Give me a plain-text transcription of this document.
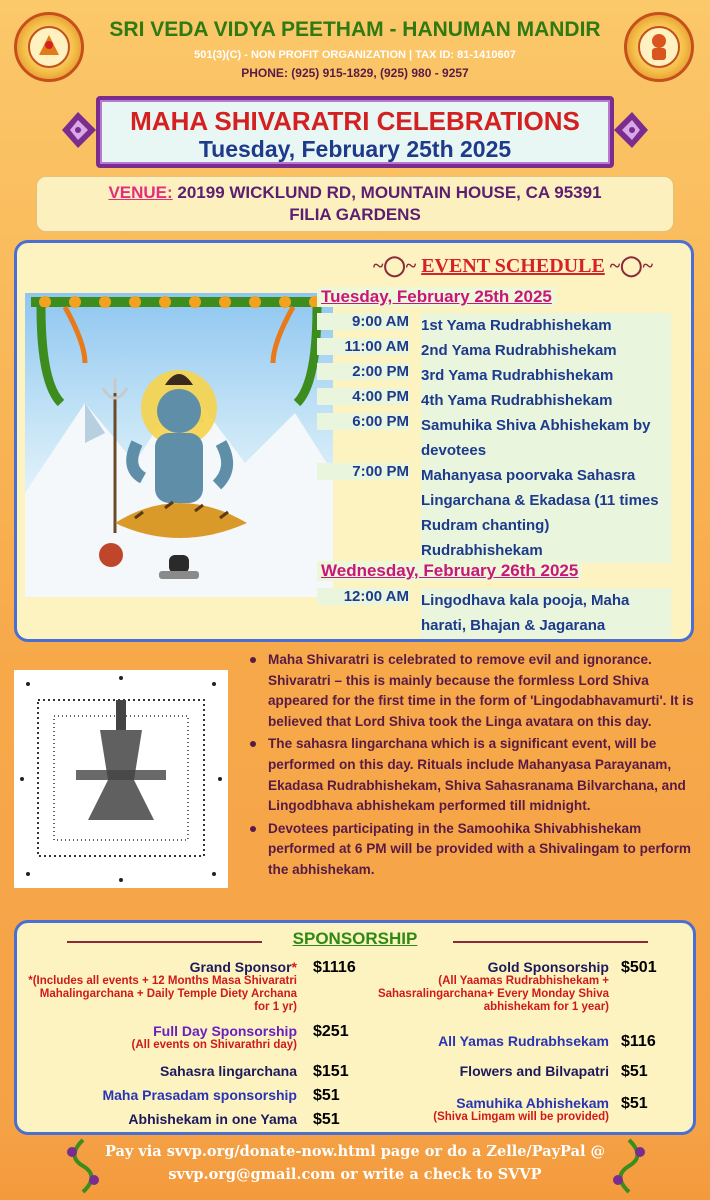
SRI VEDA VIDYA PEETHAM - HANUMAN MANDIR
501(3)(C) - NON PROFIT ORGANIZATION | TAX ID: 81-1410607
PHONE: (925) 915-1829, (925) 980 - 9257
MAHA SHIVARATRI CELEBRATIONS
Tuesday, February 25th 2025
VENUE: 20199 WICKLUND RD, MOUNTAIN HOUSE, CA 95391
FILIA GARDENS
~◯~ EVENT SCHEDULE ~◯~
Tuesday, February 25th 2025
9:00 AM 1st Yama Rudrabhishekam
11:00 AM 2nd Yama Rudrabhishekam
2:00 PM 3rd Yama Rudrabhishekam
4:00 PM 4th Yama Rudrabhishekam
6:00 PM Samuhika Shiva Abhishekam by devotees
7:00 PM Mahanyasa poorvaka Sahasra Lingarchana & Ekadasa (11 times Rudram chanting) Rudrabhishekam
Wednesday, February 26th 2025
12:00 AM Lingodhava kala pooja, Maha harati, Bhajan & Jagarana
Maha Shivaratri is celebrated to remove evil and ignorance. Shivaratri – this is mainly because the formless Lord Shiva appeared for the first time in the form of 'Lingodabhavamurti'. It is believed that Lord Shiva took the Linga avatara on this day.
The sahasra lingarchana which is a significant event, will be performed on this day. Rituals include Mahanyasa Parayanam, Ekadasa Rudrabhishekam, Shiva Sahasranama Bilvarchana, and Lingodbhava abhishekam performed till midnight.
Devotees participating in the Samoohika Shivabhishekam performed at 6 PM will be provided with a Shivalingam to perform the abhishekam.
SPONSORSHIP
Grand Sponsor*
*(Includes all events + 12 Months Masa Shivaratri Mahalingarchana + Daily Temple Diety Archana for 1 yr)
$1116
Full Day Sponsorship
(All events on Shivarathri day)
$251
Sahasra lingarchana $151
Maha Prasadam sponsorship $51
Abhishekam in one Yama $51
Gold Sponsorship
(All Yaamas Rudrabhishekam + Sahasralingarchana+ Every Monday Shiva abhishekam for 1 year)
$501
All Yamas Rudrabhsekam $116
Flowers and Bilvapatri $51
Samuhika Abhishekam
(Shiva Limgam will be provided)
$51
Pay via svvp.org/donate-now.html page or do a Zelle/PayPal @
svvp.org@gmail.com or write a check to SVVP
